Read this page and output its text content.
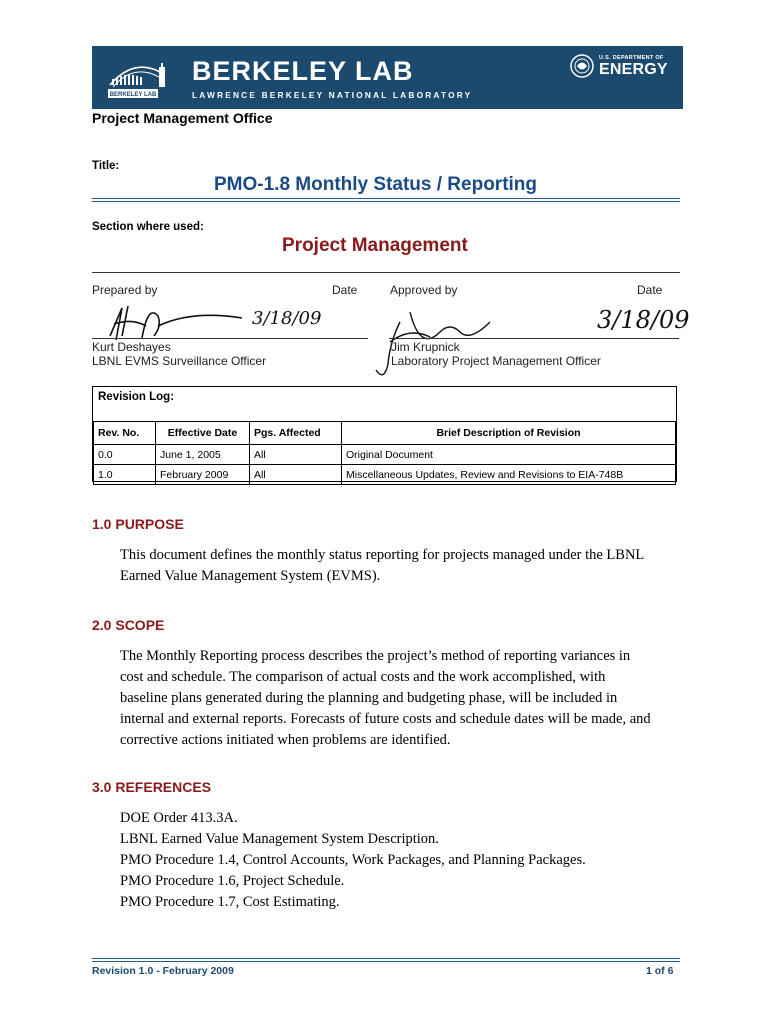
BERKELEY LAB
BERKELEY LAB
LAWRENCE BERKELEY NATIONAL LABORATORY
U.S. DEPARTMENT OF
ENERGY
Project Management Office
Title:
PMO-1.8 Monthly Status / Reporting
Section where used:
Project Management
Prepared by	Date	Approved by	Date
3/18/09
Kurt Deshayes
LBNL EVMS Surveillance Officer
3/18/09
Jim Krupnick
Laboratory Project Management Officer
Revision Log:
Rev. No.	Effective Date	Pgs. Affected	Brief Description of Revision
0.0	June 1, 2005	All	Original Document
1.0	February 2009	All	Miscellaneous Updates, Review and Revisions to EIA-748B
1.0 PURPOSE
This document defines the monthly status reporting for projects managed under the LBNL
Earned Value Management System (EVMS).
2.0 SCOPE
The Monthly Reporting process describes the project’s method of reporting variances in
cost and schedule. The comparison of actual costs and the work accomplished, with
baseline plans generated during the planning and budgeting phase, will be included in
internal and external reports. Forecasts of future costs and schedule dates will be made, and
corrective actions initiated when problems are identified.
3.0 REFERENCES
DOE Order 413.3A.
LBNL Earned Value Management System Description.
PMO Procedure 1.4, Control Accounts, Work Packages, and Planning Packages.
PMO Procedure 1.6, Project Schedule.
PMO Procedure 1.7, Cost Estimating.
Revision 1.0 - February 2009	1 of 6
